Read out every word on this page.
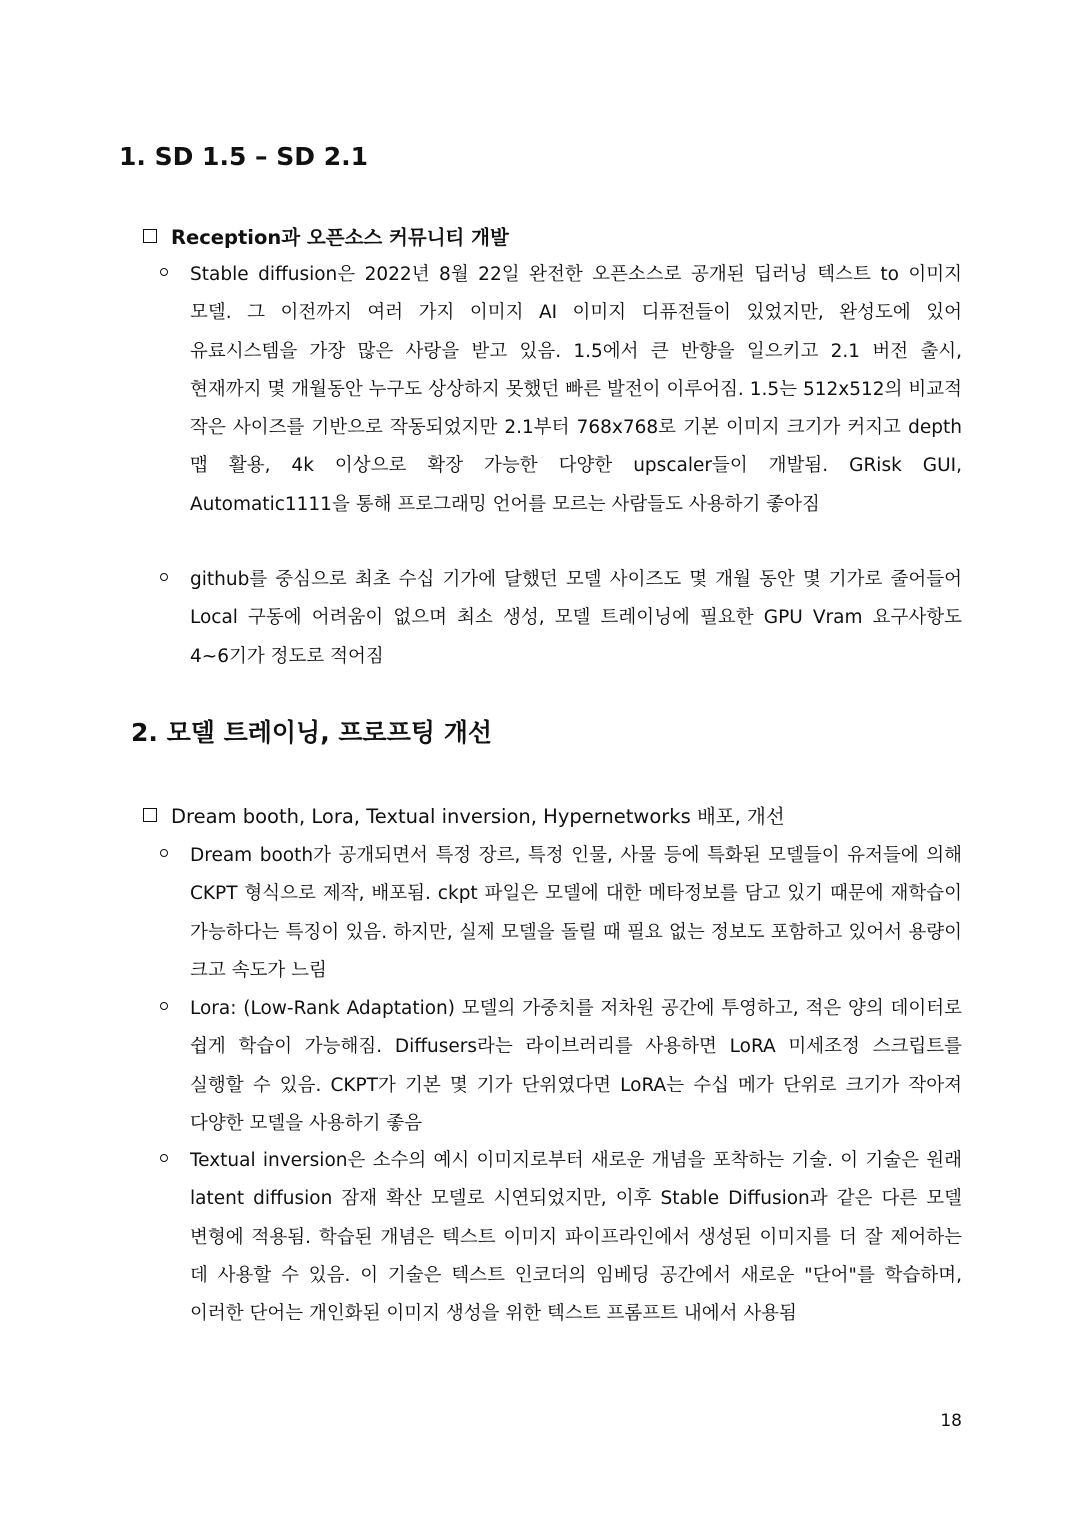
1. SD 1.5 – SD 2.1
Reception과 오픈소스 커뮤니티 개발
Stable diffusion은 2022년 8월 22일 완전한 오픈소스로 공개된 딥러닝 텍스트 to 이미지 모델. 그 이전까지 여러 가지 이미지 AI 이미지 디퓨전들이 있었지만, 완성도에 있어 유료시스템을 가장 많은 사랑을 받고 있음. 1.5에서 큰 반향을 일으키고 2.1 버전 출시, 현재까지 몇 개월동안 누구도 상상하지 못했던 빠른 발전이 이루어짐. 1.5는 512x512의 비교적 작은 사이즈를 기반으로 작동되었지만 2.1부터 768x768로 기본 이미지 크기가 커지고 depth 맵 활용, 4k 이상으로 확장 가능한 다양한 upscaler들이 개발됨. GRisk GUI, Automatic1111을 통해 프로그래밍 언어를 모르는 사람들도 사용하기 좋아짐
github를 중심으로 최초 수십 기가에 달했던 모델 사이즈도 몇 개월 동안 몇 기가로 줄어들어 Local 구동에 어려움이 없으며 최소 생성, 모델 트레이닝에 필요한 GPU Vram 요구사항도 4~6기가 정도로 적어짐
2. 모델 트레이닝, 프로프팅 개선
Dream booth, Lora, Textual inversion, Hypernetworks 배포, 개선
Dream booth가 공개되면서 특정 장르, 특정 인물, 사물 등에 특화된 모델들이 유저들에 의해 CKPT 형식으로 제작, 배포됨. ckpt 파일은 모델에 대한 메타정보를 담고 있기 때문에 재학습이 가능하다는 특징이 있음. 하지만, 실제 모델을 돌릴 때 필요 없는 정보도 포함하고 있어서 용량이 크고 속도가 느림
Lora: (Low-Rank Adaptation) 모델의 가중치를 저차원 공간에 투영하고, 적은 양의 데이터로 쉽게 학습이 가능해짐. Diffusers라는 라이브러리를 사용하면 LoRA 미세조정 스크립트를 실행할 수 있음. CKPT가 기본 몇 기가 단위였다면 LoRA는 수십 메가 단위로 크기가 작아져 다양한 모델을 사용하기 좋음
Textual inversion은 소수의 예시 이미지로부터 새로운 개념을 포착하는 기술. 이 기술은 원래 latent diffusion 잠재 확산 모델로 시연되었지만, 이후 Stable Diffusion과 같은 다른 모델 변형에 적용됨. 학습된 개념은 텍스트 이미지 파이프라인에서 생성된 이미지를 더 잘 제어하는 데 사용할 수 있음. 이 기술은 텍스트 인코더의 임베딩 공간에서 새로운 "단어"를 학습하며, 이러한 단어는 개인화된 이미지 생성을 위한 텍스트 프롬프트 내에서 사용됨
18
